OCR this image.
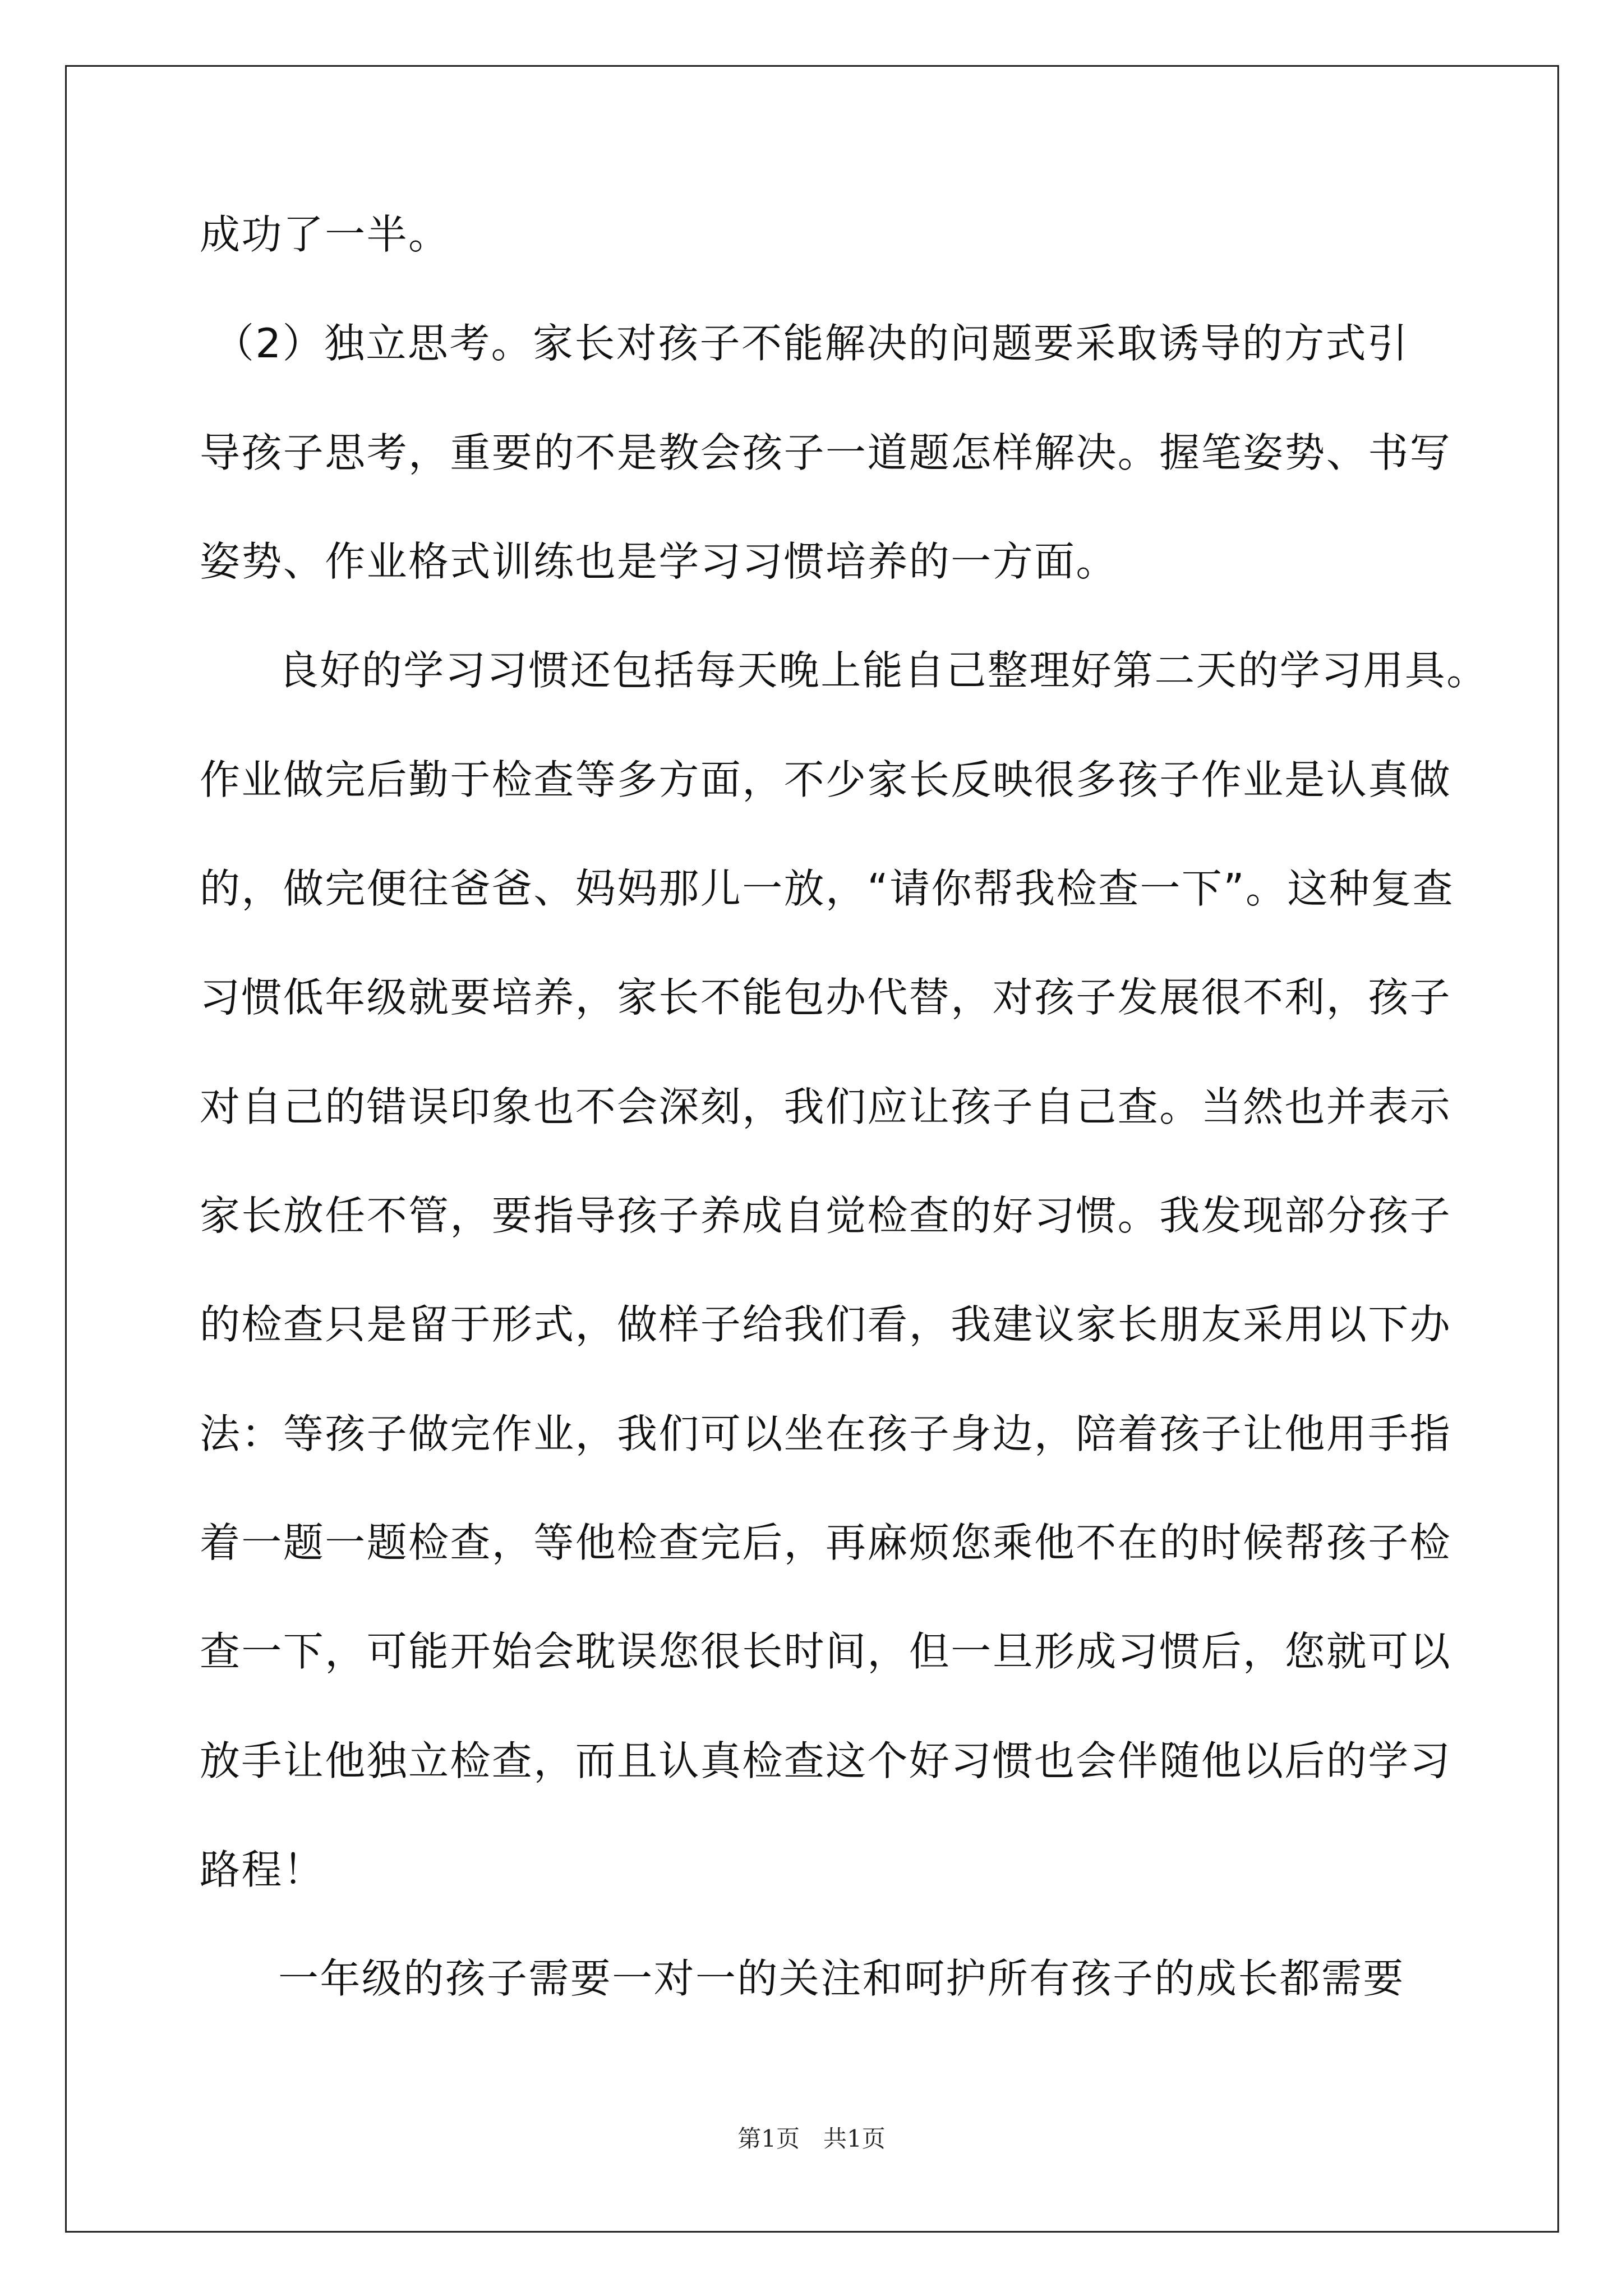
成功了一半。
（2）独立思考。家长对孩子不能解决的问题要采取诱导的方式引
导孩子思考，重要的不是教会孩子一道题怎样解决。握笔姿势、书写
姿势、作业格式训练也是学习习惯培养的一方面。
良好的学习习惯还包括每天晚上能自己整理好第二天的学习用具。
作业做完后勤于检查等多方面，不少家长反映很多孩子作业是认真做
的，做完便往爸爸、妈妈那儿一放，“请你帮我检查一下”。这种复查
习惯低年级就要培养，家长不能包办代替，对孩子发展很不利，孩子
对自己的错误印象也不会深刻，我们应让孩子自己查。当然也并表示
家长放任不管，要指导孩子养成自觉检查的好习惯。我发现部分孩子
的检查只是留于形式，做样子给我们看，我建议家长朋友采用以下办
法：等孩子做完作业，我们可以坐在孩子身边，陪着孩子让他用手指
着一题一题检查，等他检查完后，再麻烦您乘他不在的时候帮孩子检
查一下，可能开始会耽误您很长时间，但一旦形成习惯后，您就可以
放手让他独立检查，而且认真检查这个好习惯也会伴随他以后的学习
路程！
一年级的孩子需要一对一的关注和呵护所有孩子的成长都需要
第1页　共1页
